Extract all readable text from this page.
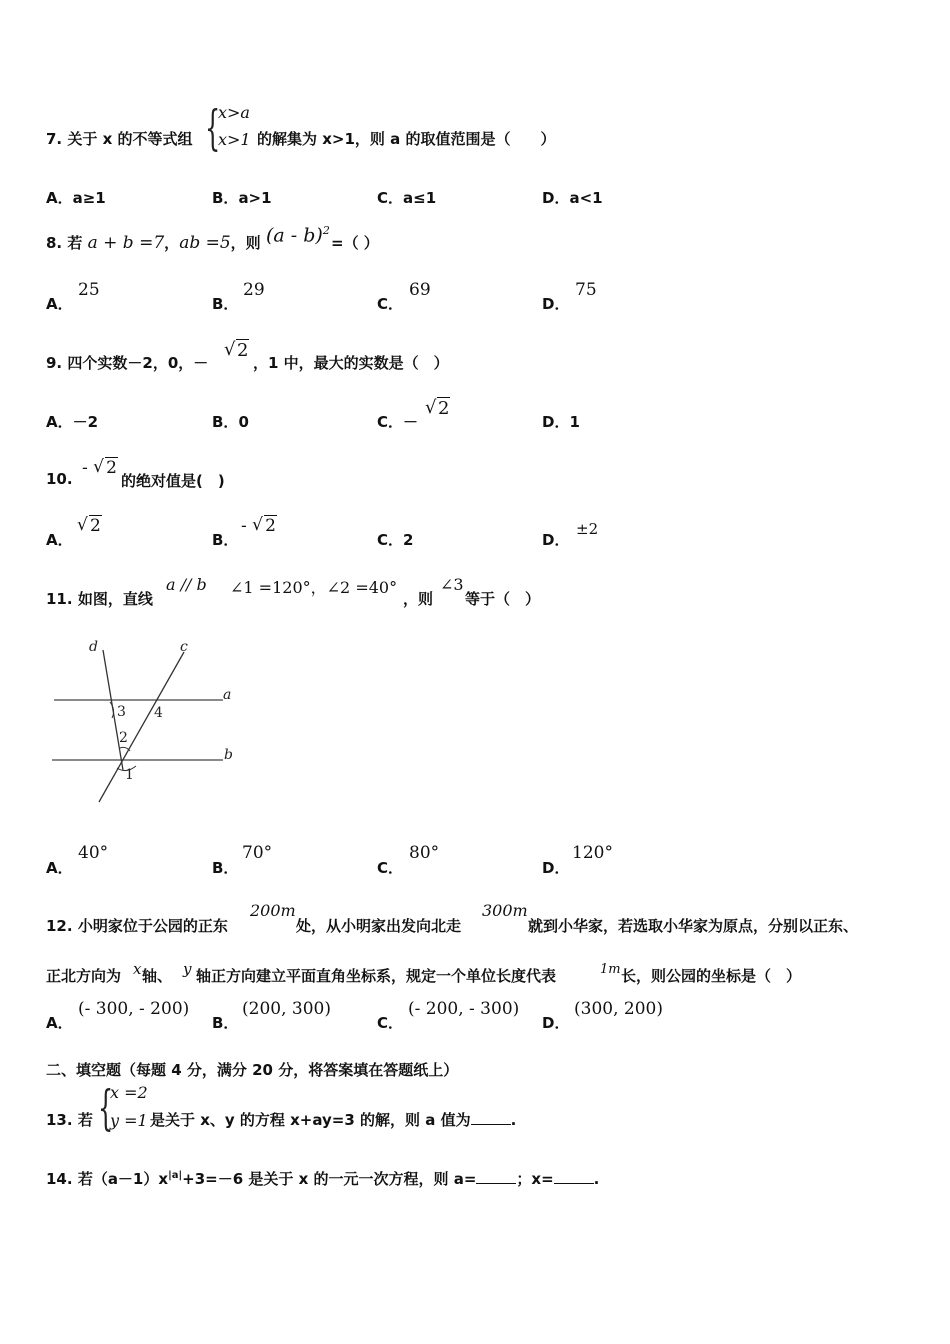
7. 关于 x 的不等式组 {
x>a
x>1 的解集为 x>1，则 a 的取值范围是（　　）
A．a≥1	B．a>1	C．a≤1	D．a<1
8. 若 a + b =7，ab =5，则 (a - b)$^2$
=（ ）
A．
25
B．
29
C．
69
D．
75
9. 四个实数－2，0，－
√ 2
，1 中，最大的实数是（　）
A．－2	B．0	C．－
√ 2
D．1
10.
- √ 2
的绝对值是(　)
A．
√ 2
B．
- √ 2
C．2	D．
±2
11. 如图，直线
a // b ∠1 =120°，∠2 =40°
，则
∠3
等于（　）
d	c
a
b
3 4
2
1
A．
40°
B．
70°
C．
80°
D．
120°
12. 小明家位于公园的正东
200m
处，从小明家出发向北走
300m
就到小华家，若选取小华家为原点，分别以正东、
正北方向为 x 轴、 y 轴正方向建立平面直角坐标系，规定一个单位长度代表	1m 长，则公园的坐标是（　）
A．
(- 300, - 200)
B．
(200, 300)
C．
(- 200, - 300)
D．
(300, 200)
二、填空题（每题 4 分，满分 20 分，将答案填在答题纸上）
13. 若 {
x =2
y =1 是关于 x、y 的方程 x+ay=3 的解，则 a 值为	.
14. 若$(a-1)x^{|a|}+3=-6$ 是关于 x 的一元一次方程，则 a=	；x=	.
